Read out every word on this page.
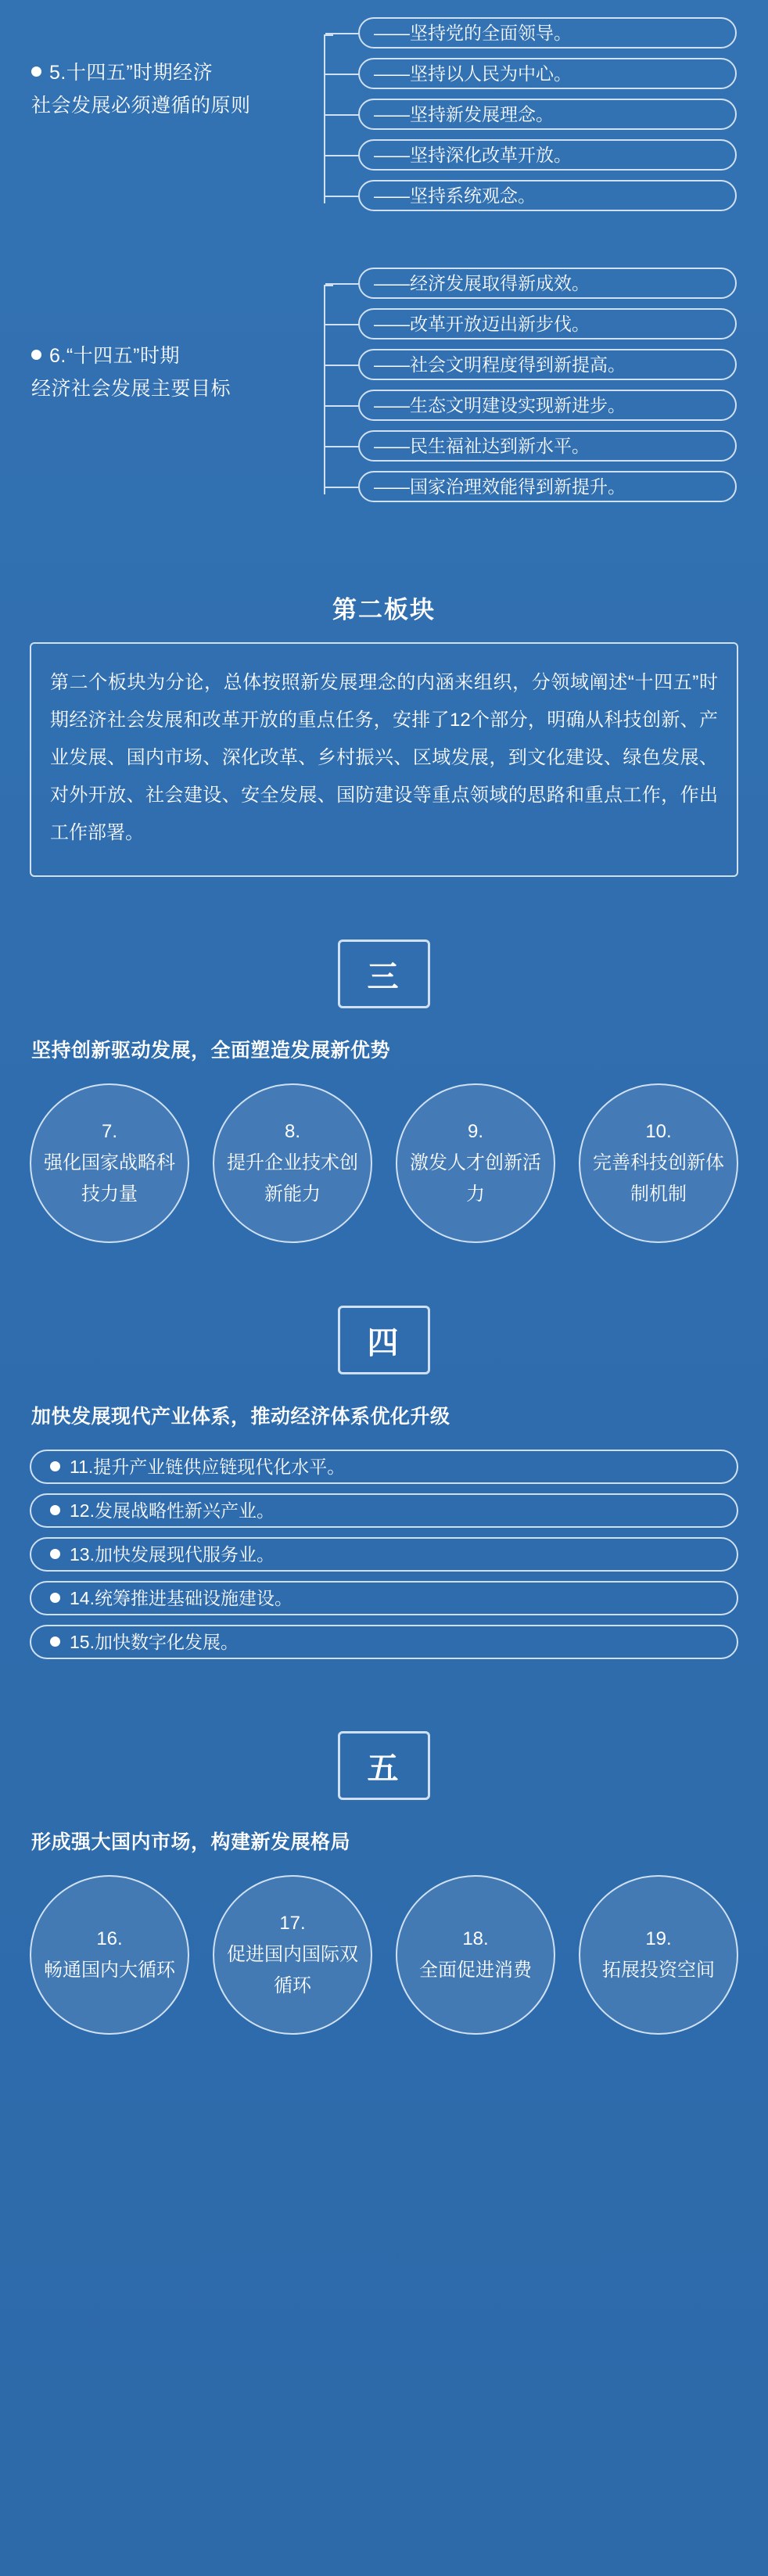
5.十四五”时期经济
社会发展必须遵循的原则
——坚持党的全面领导。
——坚持以人民为中心。
——坚持新发展理念。
——坚持深化改革开放。
——坚持系统观念。
6.“十四五”时期
经济社会发展主要目标
——经济发展取得新成效。
——改革开放迈出新步伐。
——社会文明程度得到新提高。
——生态文明建设实现新进步。
——民生福祉达到新水平。
——国家治理效能得到新提升。
第二板块
第二个板块为分论，总体按照新发展理念的内涵来组织，分领域阐述“十四五”时期经济社会发展和改革开放的重点任务，安排了12个部分，明确从科技创新、产业发展、国内市场、深化改革、乡村振兴、区域发展，到文化建设、绿色发展、对外开放、社会建设、安全发展、国防建设等重点领域的思路和重点工作，作出工作部署。
三
坚持创新驱动发展，全面塑造发展新优势
7.
强化国家战略科技力量
8.
提升企业技术创新能力
9.
激发人才创新活力
10.
完善科技创新体制机制
四
加快发展现代产业体系，推动经济体系优化升级
11.提升产业链供应链现代化水平。
12.发展战略性新兴产业。
13.加快发展现代服务业。
14.统筹推进基础设施建设。
15.加快数字化发展。
五
形成强大国内市场，构建新发展格局
16.
畅通国内大循环
17.
促进国内国际双循环
18.
全面促进消费
19.
拓展投资空间
